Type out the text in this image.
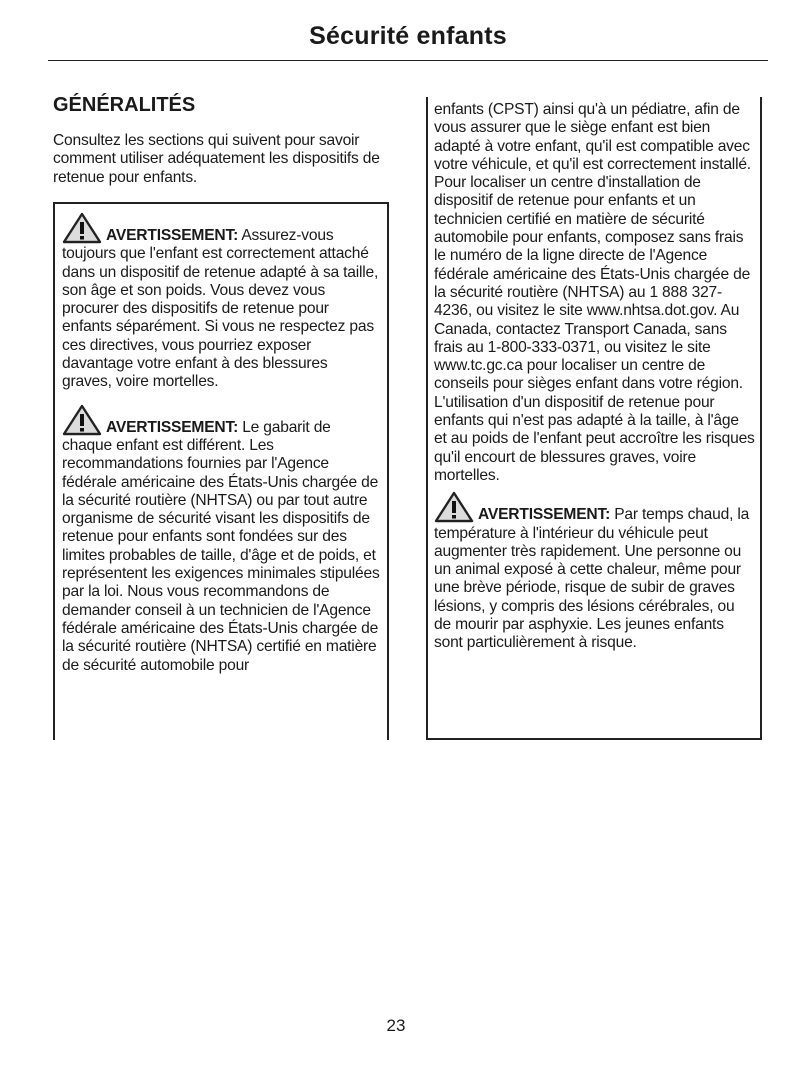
Sécurité enfants
GÉNÉRALITÉS

Consultez les sections qui suivent pour savoir comment utiliser adéquatement les dispositifs de retenue pour enfants.

AVERTISSEMENT: Assurez-vous toujours que l'enfant est correctement attaché dans un dispositif de retenue adapté à sa taille, son âge et son poids. Vous devez vous procurer des dispositifs de retenue pour enfants séparément. Si vous ne respectez pas ces directives, vous pourriez exposer davantage votre enfant à des blessures graves, voire mortelles.

AVERTISSEMENT: Le gabarit de chaque enfant est différent. Les recommandations fournies par l'Agence fédérale américaine des États-Unis chargée de la sécurité routière (NHTSA) ou par tout autre organisme de sécurité visant les dispositifs de retenue pour enfants sont fondées sur des limites probables de taille, d'âge et de poids, et représentent les exigences minimales stipulées par la loi. Nous vous recommandons de demander conseil à un technicien de l'Agence fédérale américaine des États-Unis chargée de la sécurité routière (NHTSA) certifié en matière de sécurité automobile pour

enfants (CPST) ainsi qu'à un pédiatre, afin de vous assurer que le siège enfant est bien adapté à votre enfant, qu'il est compatible avec votre véhicule, et qu'il est correctement installé. Pour localiser un centre d'installation de dispositif de retenue pour enfants et un technicien certifié en matière de sécurité automobile pour enfants, composez sans frais le numéro de la ligne directe de l'Agence fédérale américaine des États-Unis chargée de la sécurité routière (NHTSA) au 1 888 327-4236, ou visitez le site www.nhtsa.dot.gov. Au Canada, contactez Transport Canada, sans frais au 1-800-333-0371, ou visitez le site www.tc.gc.ca pour localiser un centre de conseils pour sièges enfant dans votre région. L'utilisation d'un dispositif de retenue pour enfants qui n'est pas adapté à la taille, à l'âge et au poids de l'enfant peut accroître les risques qu'il encourt de blessures graves, voire mortelles.

AVERTISSEMENT: Par temps chaud, la température à l'intérieur du véhicule peut augmenter très rapidement. Une personne ou un animal exposé à cette chaleur, même pour une brève période, risque de subir de graves lésions, y compris des lésions cérébrales, ou de mourir par asphyxie. Les jeunes enfants sont particulièrement à risque.

23
